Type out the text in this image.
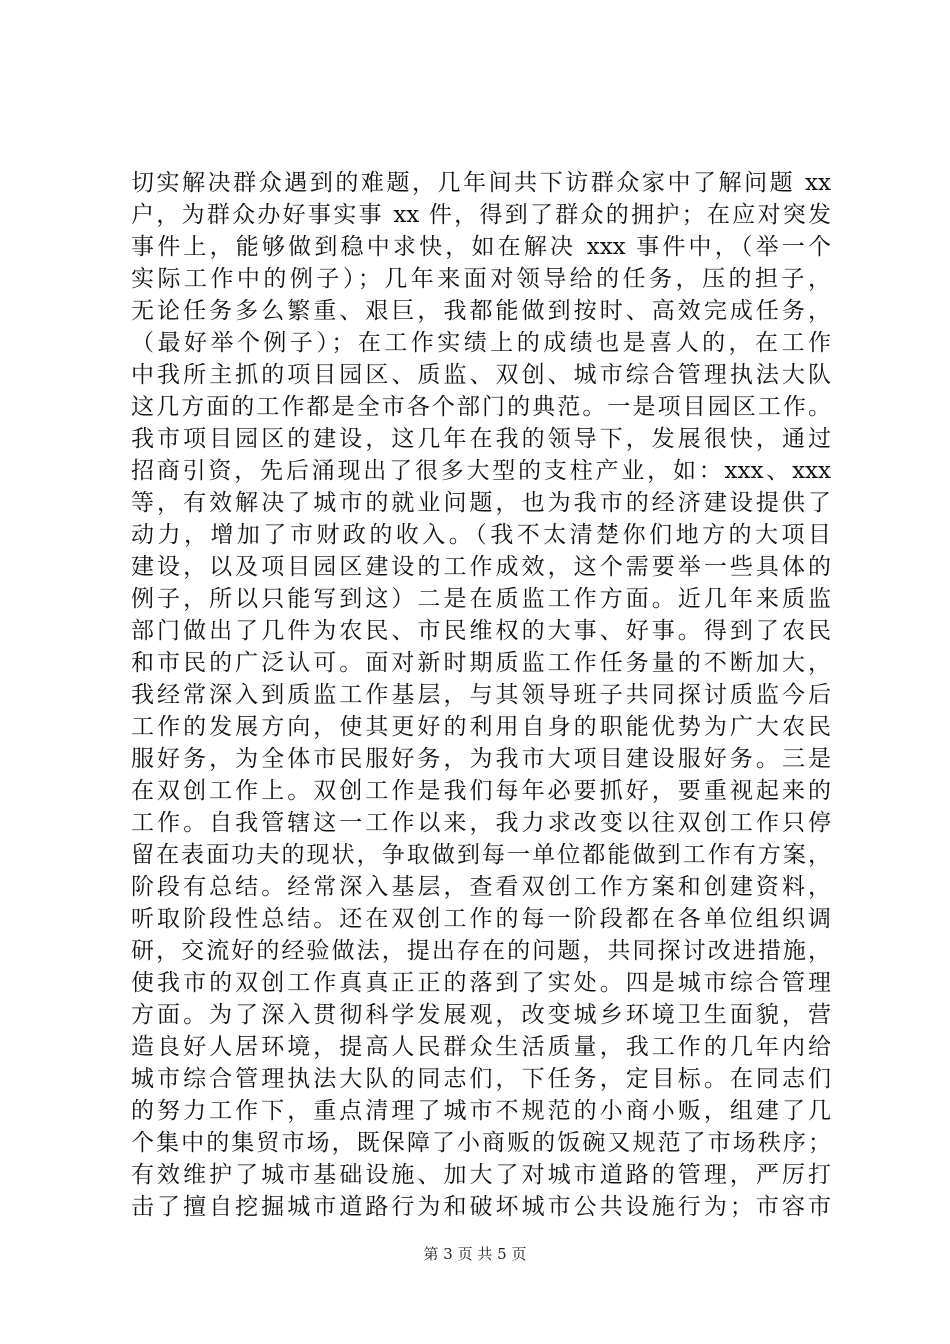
切实解决群众遇到的难题，几年间共下访群众家中了解问题 xx
户，为群众办好事实事 xx 件，得到了群众的拥护；在应对突发
事件上，能够做到稳中求快，如在解决 xxx 事件中，（举一个
实际工作中的例子）；几年来面对领导给的任务，压的担子，
无论任务多么繁重、艰巨，我都能做到按时、高效完成任务，
（最好举个例子）；在工作实绩上的成绩也是喜人的，在工作
中我所主抓的项目园区、质监、双创、城市综合管理执法大队
这几方面的工作都是全市各个部门的典范。一是项目园区工作。
我市项目园区的建设，这几年在我的领导下，发展很快，通过
招商引资，先后涌现出了很多大型的支柱产业，如：xxx、xxx
等，有效解决了城市的就业问题，也为我市的经济建设提供了
动力，增加了市财政的收入。（我不太清楚你们地方的大项目
建设，以及项目园区建设的工作成效，这个需要举一些具体的
例子，所以只能写到这）二是在质监工作方面。近几年来质监
部门做出了几件为农民、市民维权的大事、好事。得到了农民
和市民的广泛认可。面对新时期质监工作任务量的不断加大，
我经常深入到质监工作基层，与其领导班子共同探讨质监今后
工作的发展方向，使其更好的利用自身的职能优势为广大农民
服好务，为全体市民服好务，为我市大项目建设服好务。三是
在双创工作上。双创工作是我们每年必要抓好，要重视起来的
工作。自我管辖这一工作以来，我力求改变以往双创工作只停
留在表面功夫的现状，争取做到每一单位都能做到工作有方案，
阶段有总结。经常深入基层，查看双创工作方案和创建资料，
听取阶段性总结。还在双创工作的每一阶段都在各单位组织调
研，交流好的经验做法，提出存在的问题，共同探讨改进措施，
使我市的双创工作真真正正的落到了实处。四是城市综合管理
方面。为了深入贯彻科学发展观，改变城乡环境卫生面貌，营
造良好人居环境，提高人民群众生活质量，我工作的几年内给
城市综合管理执法大队的同志们，下任务，定目标。在同志们
的努力工作下，重点清理了城市不规范的小商小贩，组建了几
个集中的集贸市场，既保障了小商贩的饭碗又规范了市场秩序；
有效维护了城市基础设施、加大了对城市道路的管理，严厉打
击了擅自挖掘城市道路行为和破坏城市公共设施行为；市容市
第 3 页 共 5 页
